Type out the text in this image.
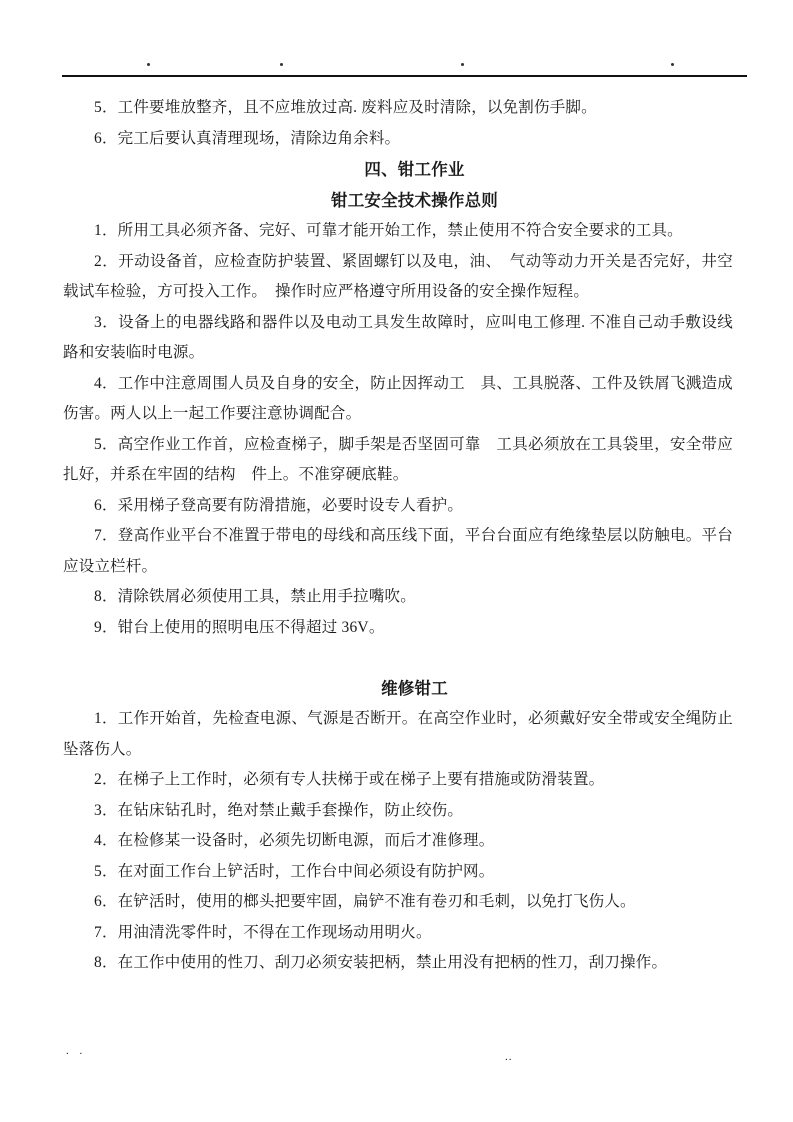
5．工件要堆放整齐，且不应堆放过高. 废料应及时清除，以免割伤手脚。

6．完工后要认真清理现场，清除边角余料。

四、钳工作业

钳工安全技术操作总则

1．所用工具必须齐备、完好、可靠才能开始工作，禁止使用不符合安全要求的工具。

2．开动设备首，应检查防护装置、紧固螺钉以及电，油、　气动等动力开关是否完好，井空载试车检验，方可投入工作。　操作时应严格遵守所用设备的安全操作短程。

3．设备上的电器线路和器件以及电动工具发生故障时，应叫电工修理. 不准自己动手敷设线路和安装临时电源。

4．工作中注意周围人员及自身的安全，防止因挥动工　具、工具脱落、工件及铁屑飞溅造成伤害。两人以上一起工作要注意协调配合。

5．高空作业工作首，应检查梯子，脚手架是否坚固可靠　工具必须放在工具袋里，安全带应扎好，并系在牢固的结构　件上。不准穿硬底鞋。

6．采用梯子登高要有防滑措施，必要时设专人看护。

7．登高作业平台不准置于带电的母线和高压线下面，平台台面应有绝缘垫层以防触电。平台应设立栏杆。

8．清除铁屑必须使用工具，禁止用手拉嘴吹。

9．钳台上使用的照明电压不得超过 36V。

维修钳工

1．工作开始首，先检查电源、气源是否断开。在高空作业时，必须戴好安全带或安全绳防止坠落伤人。

2．在梯子上工作时，必须有专人扶梯于或在梯子上要有措施或防滑装置。

3．在钻床钻孔时，绝对禁止戴手套操作，防止绞伤。

4．在检修某一设备时，必须先切断电源，而后才准修理。

5．在对面工作台上铲活时，工作台中间必须设有防护网。

6．在铲活时，使用的榔头把要牢固，扁铲不准有卷刃和毛刺，以免打飞伤人。

7．用油清洗零件时，不得在工作现场动用明火。

8．在工作中使用的性刀、刮刀必须安装把柄，禁止用没有把柄的性刀，刮刀操作。

. .	..
